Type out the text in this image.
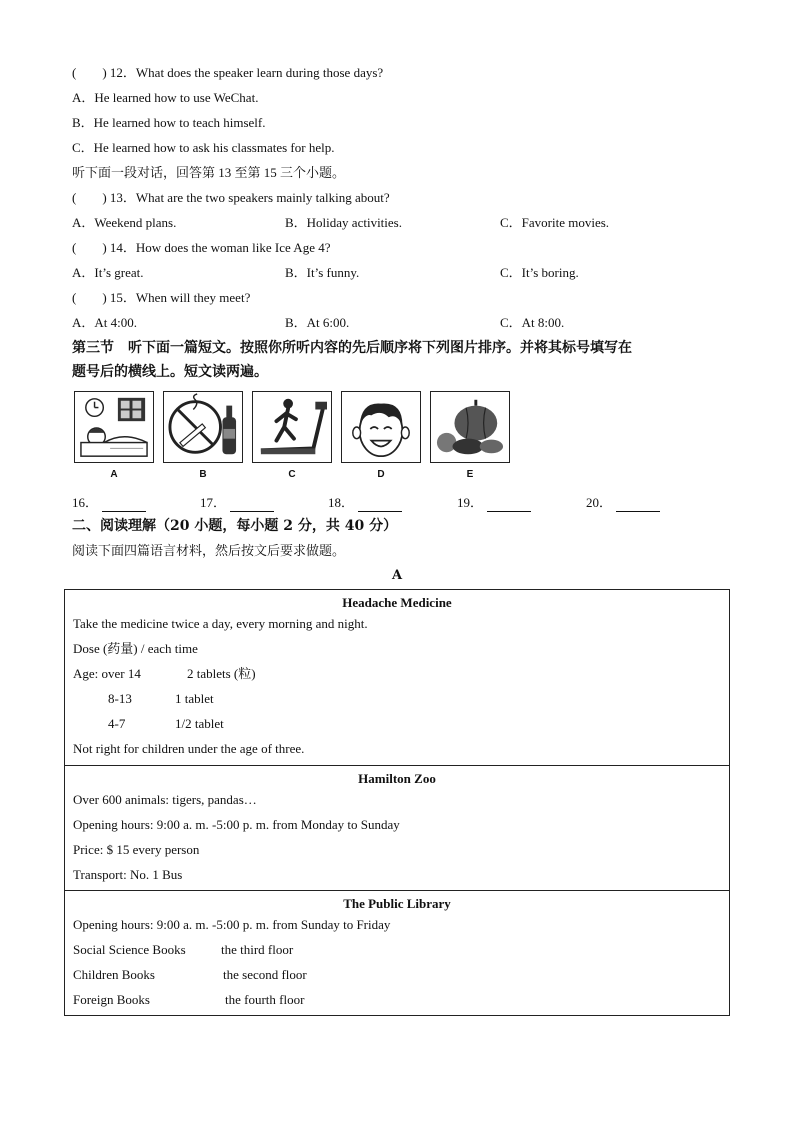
(　　) 12．What does the speaker learn during those days?
A．He learned how to use WeChat.
B．He learned how to teach himself.
C．He learned how to ask his classmates for help.
听下面一段对话，回答第 13 至第 15 三个小题。
(　　) 13．What are the two speakers mainly talking about?
A．Weekend plans.	B．Holiday activities.	C．Favorite movies.
(　　) 14．How does the woman like Ice Age 4?
A．It’s great.	B．It’s funny.	C．It’s boring.
(　　) 15．When will they meet?
A．At 4:00.	B．At 6:00.	C．At 8:00.
第三节　听下面一篇短文。按照你所听内容的先后顺序将下列图片排序。并将其标号填写在
题号后的横线上。短文读两遍。
A	B	C	D	E
16．	17．	18．	19．	20．
二、阅读理解（20 小题，每小题 2 分，共 40 分）
阅读下面四篇语言材料，然后按文后要求做题。
A
Headache Medicine
Take the medicine twice a day, every morning and night.
Dose (药量) / each time
Age: over 14	2 tablets (粒)
8-13	1 tablet
4-7	1/2 tablet
Not right for children under the age of three.
Hamilton Zoo
Over 600 animals: tigers, pandas…
Opening hours: 9:00 a. m. -5:00 p. m. from Monday to Sunday
Price: $ 15 every person
Transport: No. 1 Bus
The Public Library
Opening hours: 9:00 a. m. -5:00 p. m. from Sunday to Friday
Social Science Books	the third floor
Children Books	the second floor
Foreign Books	the fourth floor
